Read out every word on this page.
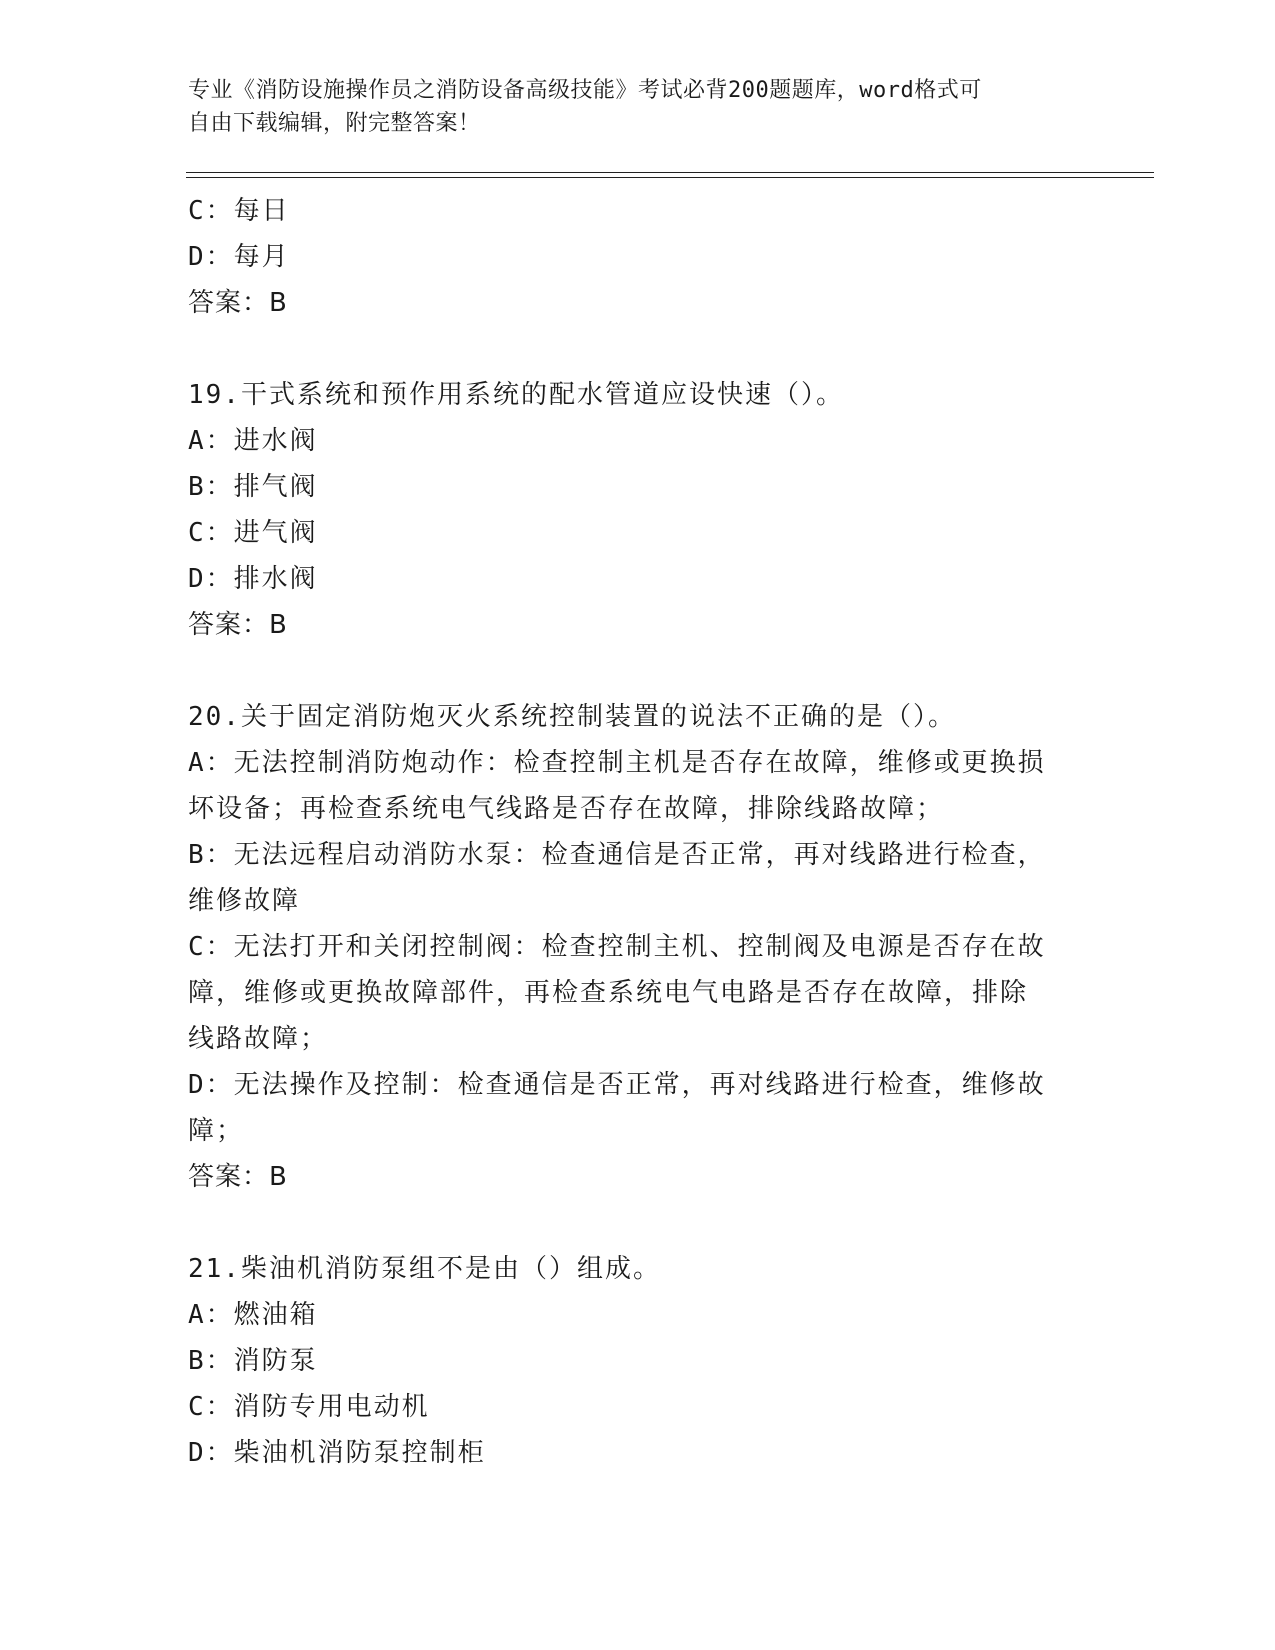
专业《消防设施操作员之消防设备高级技能》考试必背200题题库，word格式可
自由下载编辑，附完整答案！
C：每日
D：每月
答案：B
19.干式系统和预作用系统的配水管道应设快速（）。
A：进水阀
B：排气阀
C：进气阀
D：排水阀
答案：B
20.关于固定消防炮灭火系统控制装置的说法不正确的是（）。
A：无法控制消防炮动作：检查控制主机是否存在故障，维修或更换损
坏设备；再检查系统电气线路是否存在故障，排除线路故障；
B：无法远程启动消防水泵：检查通信是否正常，再对线路进行检查，
维修故障
C：无法打开和关闭控制阀：检查控制主机、控制阀及电源是否存在故
障，维修或更换故障部件，再检查系统电气电路是否存在故障，排除
线路故障；
D：无法操作及控制：检查通信是否正常，再对线路进行检查，维修故
障；
答案：B
21.柴油机消防泵组不是由（）组成。
A：燃油箱
B：消防泵
C：消防专用电动机
D：柴油机消防泵控制柜
